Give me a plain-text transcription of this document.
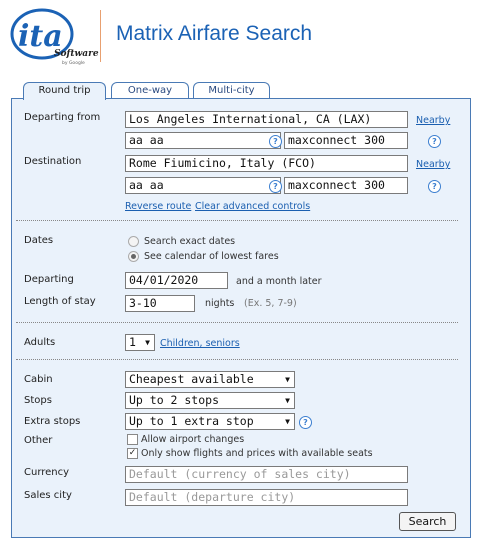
ita
Software
by Google
Matrix Airfare Search
Round trip	One-way	Multi-city
Departing from	Los Angeles International, CA (LAX)	Nearby
aa aa	? maxconnect 300	?
Destination	Rome Fiumicino, Italy (FCO)	Nearby
aa aa	? maxconnect 300	?
Reverse route Clear advanced controls
Dates	Search exact dates
See calendar of lowest fares
Departing	04/01/2020	and a month later
Length of stay	3-10	nights (Ex. 5, 7-9)
Adults	1 ▼ Children, seniors
Cabin	Cheapest available	▼
Stops	Up to 2 stops	▼
Extra stops	Up to 1 extra stop	▼	?
Other	Allow airport changes
✓ Only show flights and prices with available seats
Currency	Default (currency of sales city)
Sales city	Default (departure city)
Search
